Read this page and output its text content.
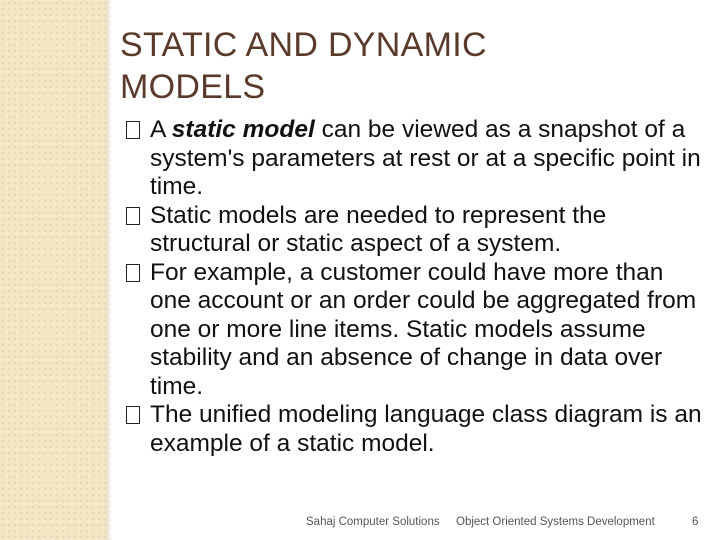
STATIC AND DYNAMIC MODELS
A static model can be viewed as a snapshot of a system's parameters at rest or at a specific point in time.
Static models are needed to represent the structural or static aspect of a system.
For example, a customer could have more than one account or an order could be aggregated from one or more line items. Static models assume stability and an absence of change in data over time.
The unified modeling language class diagram is an example of a static model.
Sahaj Computer Solutions Object Oriented Systems Development	6
